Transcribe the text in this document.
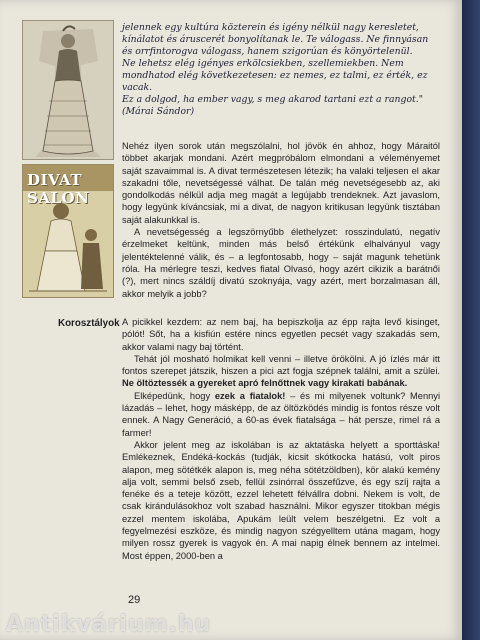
DIVAT SALON

jelennek egy kultúra közterein és igény nélkül nagy keresletet,

kínálatot és áruscerét bonyolítanak le. Te válogass. Ne finnyásan

és orrfintorogva válogass, hanem szigorúan és könyörtelenül.

Ne lehetsz elég igényes erkölcsiekben, szellemiekben. Nem

mondhatod elég következetesen: ez nemes, ez talmi, ez érték, ez

vacak.

Ez a dolgod, ha ember vagy, s meg akarod tartani ezt a rangot."

(Márai Sándor)

Nehéz ilyen sorok után megszólalni, hol jövök én ahhoz, hogy Máraitól többet akarjak mondani. Azért megpróbálom elmondani a véleményemet saját szavaimmal is. A divat természetesen létezik; ha valaki teljesen el akar szakadni tőle, nevetségessé válhat. De talán még nevetségesebb az, aki gondolkodás nélkül adja meg magát a legújabb trendeknek. Azt javaslom, hogy legyünk kíváncsiak, mi a divat, de nagyon kritikusan legyünk tisztában saját alakunkkal is.

A nevetségesség a legszörnyűbb élethelyzet: rosszindulatú, negatív érzelmeket keltünk, minden más belső értékünk elhalványul vagy jelentéktelenné válik, és – a legfontosabb, hogy – saját magunk tehetünk róla. Ha mérlegre teszi, kedves fiatal Olvasó, hogy azért cikizik a barátnői (?), mert nincs száldíj divatú szoknyája, vagy azért, mert borzalmasan áll, akkor melyik a jobb?

Korosztályok A picikkel kezdem: az nem baj, ha bepiszkolja az épp rajta levő kisinget, pólót! Sőt, ha a kisfiún estére nincs egyetlen pecsét vagy szakadás sem, akkor valami nagy baj történt.

Tehát jól mosható holmikat kell venni – illetve örökölni. A jó ízlés már itt fontos szerepet játszik, hiszen a pici azt fogja szépnek találni, amit a szülei. Ne öltöztessék a gyereket apró felnőttnek vagy kirakati babának.

Elképedünk, hogy ezek a fiatalok! – és mi milyenek voltunk? Mennyi lázadás – lehet, hogy másképp, de az öltözködés mindig is fontos része volt ennek. A Nagy Generáció, a 60-as évek fiatalsága – hát persze, rimel rá a farmer!

Akkor jelent meg az iskolában is az aktatáska helyett a sporttáska! Emlékeznek, Endéká-kockás (tudják, kicsit skótkocka hatású, volt piros alapon, meg sötétkék alapon is, meg néha sötétzöldben), kör alakú kemény alja volt, semmi belső zseb, fellül zsinórral összefűzve, és egy szíj rajta a fenéke és a teteje között, ezzel lehetett félvállra dobni. Nekem is volt, de csak kirándulásokhoz volt szabad használni. Mikor egyszer titokban mégis ezzel mentem iskolába, Apukám leült velem beszélgetni. Ez volt a fegyelmezési eszköze, és mindig nagyon szégyelltem utána magam, hogy milyen rossz gyerek is vagyok én. A mai napig élnek bennem az intelmei. Most éppen, 2000-ben a

29
Antikvárium.hu
